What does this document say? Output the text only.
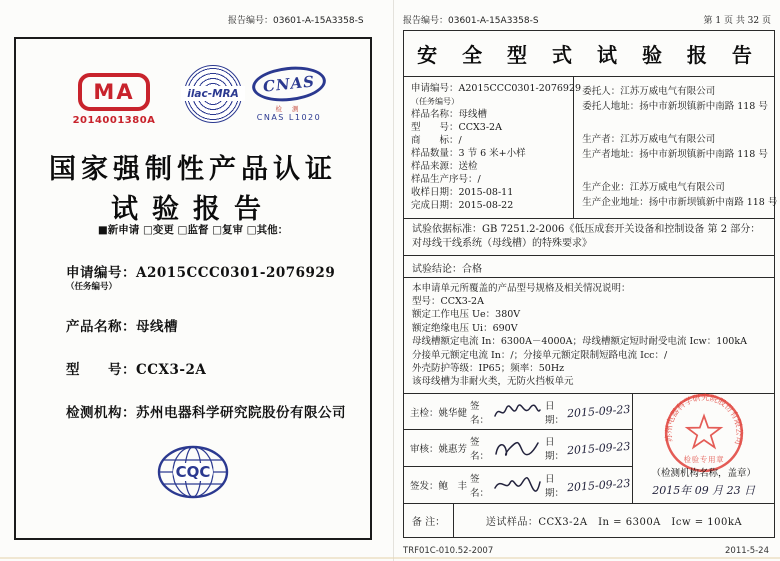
报告编号：03601-A-15A3358-S
MA
2014001380A
ilac-MRA CNAS
检 测
CNAS L1020
国家强制性产品认证
试验报告
■新申请 □变更 □监督 □复审 □其他：
申请编号：A2015CCC0301-2076929
（任务编号）
产品名称：母线槽
型　　号：CCX3-2A
检测机构：苏州电器科学研究院股份有限公司
CQC
报告编号：03601-A-15A3358-S	第 1 页 共 32 页
安 全 型 式 试 验 报 告
申请编号：A2015CCC0301-2076929
（任务编号）
样品名称：母线槽
型　　号：CCX3-2A
商　　标：/
样品数量：3 节 6 米+小样
样品来源：送检
样品生产序号：/
收样日期：2015-08-11
完成日期：2015-08-22
委托人：江苏万威电气有限公司
委托人地址：扬中市新坝镇新中南路 118 号
生产者：江苏万威电气有限公司
生产者地址：扬中市新坝镇新中南路 118 号
生产企业：江苏万威电气有限公司
生产企业地址：扬中市新坝镇新中南路 118 号
试验依据标准：GB 7251.2-2006《低压成套开关设备和控制设备 第 2 部分：对母线干线系统（母线槽）的特殊要求》
试验结论：合格
本申请单元所覆盖的产品型号规格及相关情况说明：
型号：CCX3-2A
额定工作电压 Ue：380V
额定绝缘电压 Ui：690V
母线槽额定电流 In：6300A－4000A；母线槽额定短时耐受电流 Icw：100kA
分接单元额定电流 In：/；分接单元额定限制短路电流 Icc：/
外壳防护等级：IP65；频率：50Hz
该母线槽为非耐火类，无防火挡板单元
主检：姚华健
签名：
日期： 2015-09-23
审核：姚惠芳
签名：
日期： 2015-09-23
签发：鲍　丰
签名：
日期： 2015-09-23
苏州电器科学研究院股份有限公司
检验专用章
（检测机构名称，盖章）
2015年 09 月 23 日
备 注：	送试样品：CCX3-2A　In = 6300A　Icw = 100kA
TRF01C-010.52-2007	2011-5-24
